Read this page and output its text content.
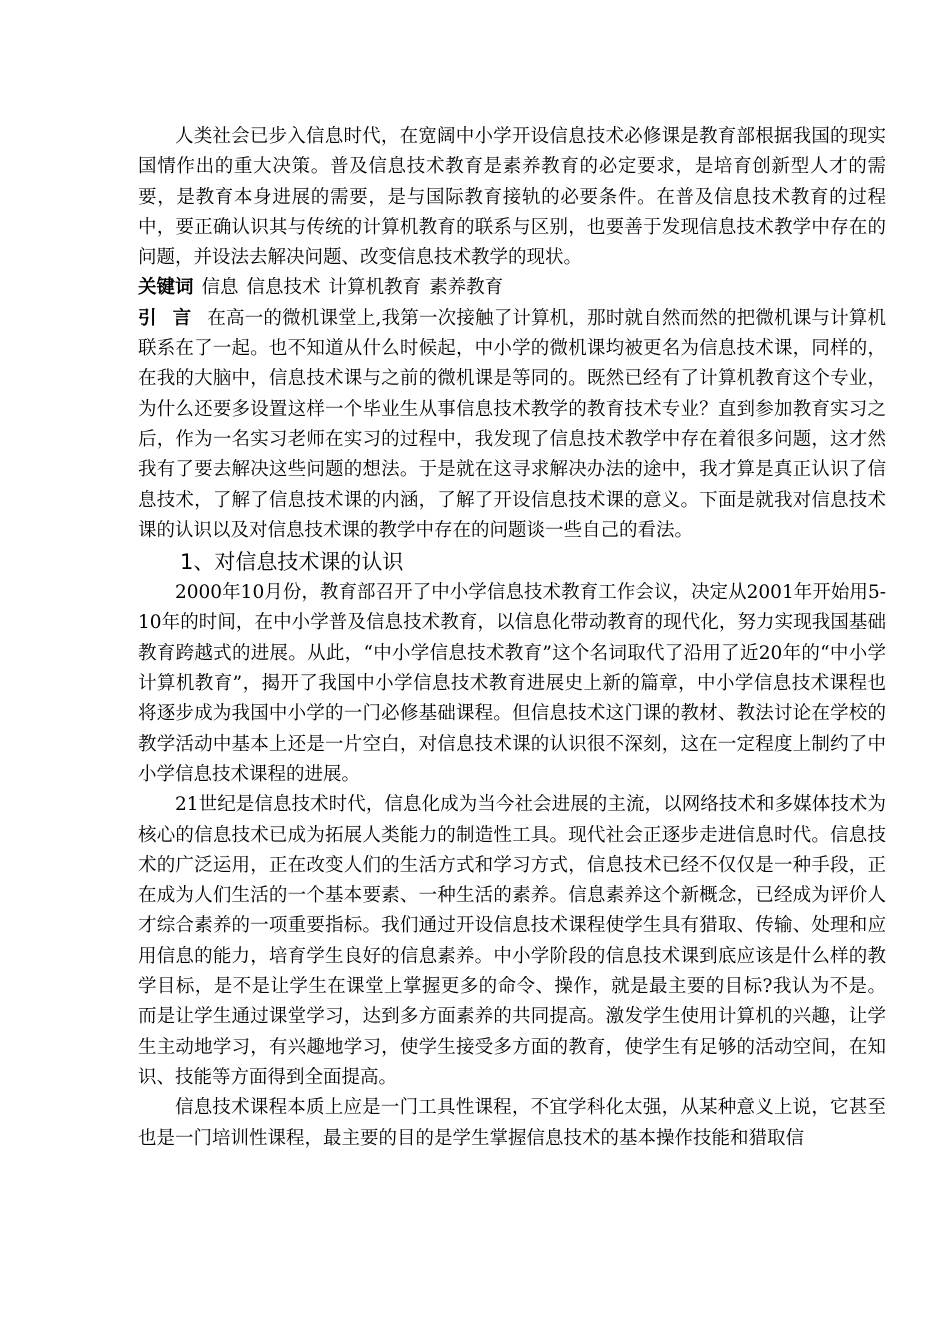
人类社会已步入信息时代，在宽阔中小学开设信息技术必修课是教育部根据我国的现实国情作出的重大决策。普及信息技术教育是素养教育的必定要求，是培育创新型人才的需要，是教育本身进展的需要，是与国际教育接轨的必要条件。在普及信息技术教育的过程中，要正确认识其与传统的计算机教育的联系与区别，也要善于发现信息技术教学中存在的问题，并设法去解决问题、改变信息技术教学的现状。

关键词 信息 信息技术 计算机教育 素养教育

引言在高一的微机课堂上,我第一次接触了计算机，那时就自然而然的把微机课与计算机联系在了一起。也不知道从什么时候起，中小学的微机课均被更名为信息技术课，同样的，在我的大脑中，信息技术课与之前的微机课是等同的。既然已经有了计算机教育这个专业，为什么还要多设置这样一个毕业生从事信息技术教学的教育技术专业？直到参加教育实习之后，作为一名实习老师在实习的过程中，我发现了信息技术教学中存在着很多问题，这才然我有了要去解决这些问题的想法。于是就在这寻求解决办法的途中，我才算是真正认识了信息技术，了解了信息技术课的内涵，了解了开设信息技术课的意义。下面是就我对信息技术课的认识以及对信息技术课的教学中存在的问题谈一些自己的看法。

1、对信息技术课的认识

2000年10月份，教育部召开了中小学信息技术教育工作会议，决定从2001年开始用5-10年的时间，在中小学普及信息技术教育，以信息化带动教育的现代化，努力实现我国基础教育跨越式的进展。从此，“中小学信息技术教育”这个名词取代了沿用了近20年的“中小学计算机教育”，揭开了我国中小学信息技术教育进展史上新的篇章，中小学信息技术课程也将逐步成为我国中小学的一门必修基础课程。但信息技术这门课的教材、教法讨论在学校的教学活动中基本上还是一片空白，对信息技术课的认识很不深刻，这在一定程度上制约了中小学信息技术课程的进展。

21世纪是信息技术时代，信息化成为当今社会进展的主流，以网络技术和多媒体技术为核心的信息技术已成为拓展人类能力的制造性工具。现代社会正逐步走进信息时代。信息技术的广泛运用，正在改变人们的生活方式和学习方式，信息技术已经不仅仅是一种手段，正在成为人们生活的一个基本要素、一种生活的素养。信息素养这个新概念，已经成为评价人才综合素养的一项重要指标。我们通过开设信息技术课程使学生具有猎取、传输、处理和应用信息的能力，培育学生良好的信息素养。中小学阶段的信息技术课到底应该是什么样的教学目标，是不是让学生在课堂上掌握更多的命令、操作，就是最主要的目标?我认为不是。而是让学生通过课堂学习，达到多方面素养的共同提高。激发学生使用计算机的兴趣，让学生主动地学习，有兴趣地学习，使学生接受多方面的教育，使学生有足够的活动空间，在知识、技能等方面得到全面提高。

信息技术课程本质上应是一门工具性课程，不宜学科化太强，从某种意义上说，它甚至也是一门培训性课程，最主要的目的是学生掌握信息技术的基本操作技能和猎取信
